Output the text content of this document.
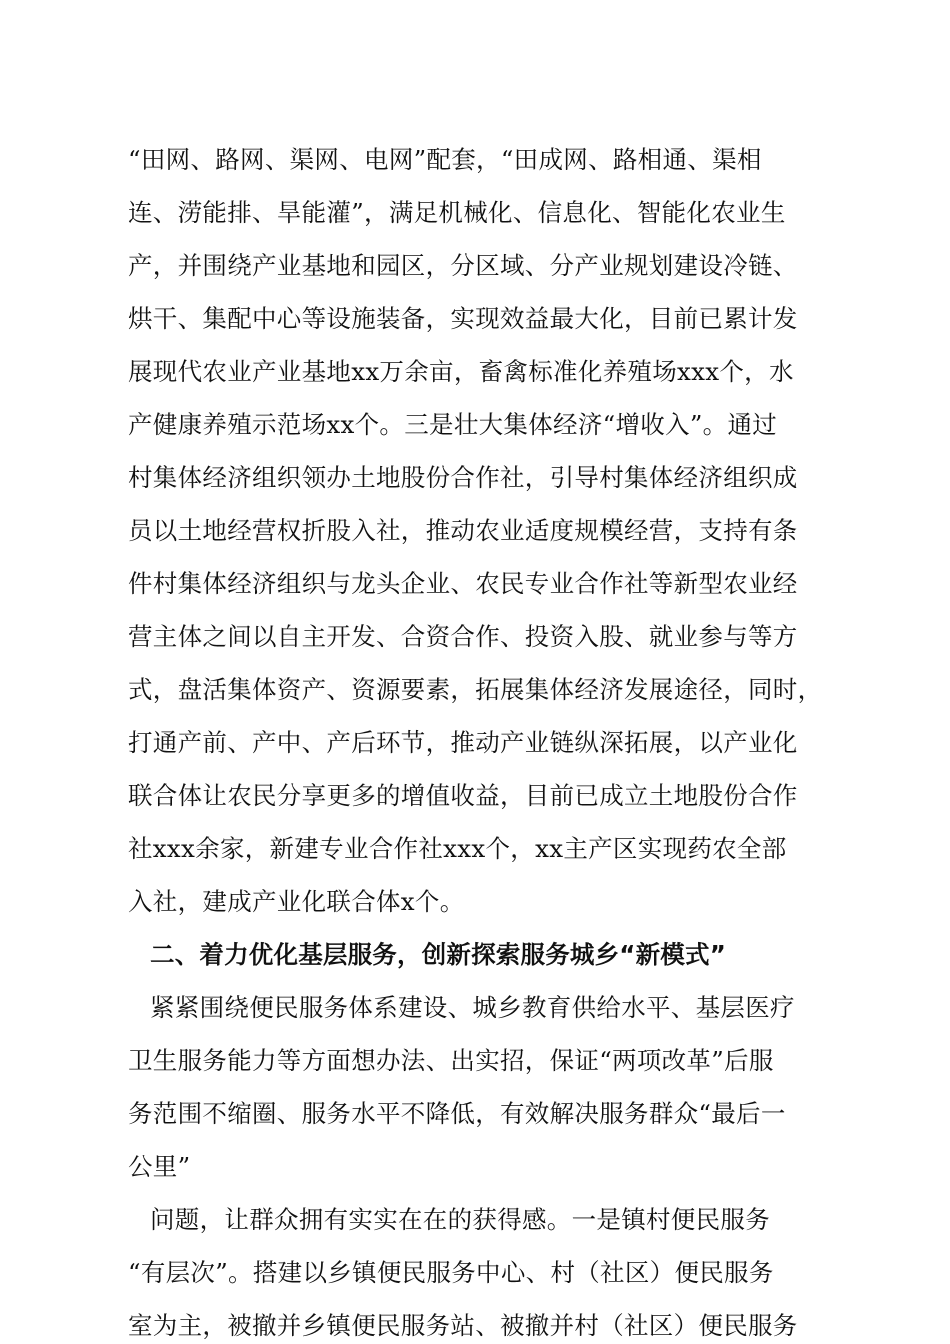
“田网、路网、渠网、电网”配套，“田成网、路相通、渠相
连、涝能排、旱能灌”，满足机械化、信息化、智能化农业生
产，并围绕产业基地和园区，分区域、分产业规划建设冷链、
烘干、集配中心等设施装备，实现效益最大化，目前已累计发
展现代农业产业基地xx万余亩，畜禽标准化养殖场xxx个，水
产健康养殖示范场xx个。三是壮大集体经济“增收入”。通过
村集体经济组织领办土地股份合作社，引导村集体经济组织成
员以土地经营权折股入社，推动农业适度规模经营，支持有条
件村集体经济组织与龙头企业、农民专业合作社等新型农业经
营主体之间以自主开发、合资合作、投资入股、就业参与等方
式，盘活集体资产、资源要素，拓展集体经济发展途径，同时，
打通产前、产中、产后环节，推动产业链纵深拓展，以产业化
联合体让农民分享更多的增值收益，目前已成立土地股份合作
社xxx余家，新建专业合作社xxx个，xx主产区实现药农全部
入社，建成产业化联合体x个。
二、着力优化基层服务，创新探索服务城乡“新模式”
紧紧围绕便民服务体系建设、城乡教育供给水平、基层医疗
卫生服务能力等方面想办法、出实招，保证“两项改革”后服
务范围不缩圈、服务水平不降低，有效解决服务群众“最后一
公里”
问题，让群众拥有实实在在的获得感。一是镇村便民服务
“有层次”。搭建以乡镇便民服务中心、村（社区）便民服务
室为主，被撤并乡镇便民服务站、被撤并村（社区）便民服务
